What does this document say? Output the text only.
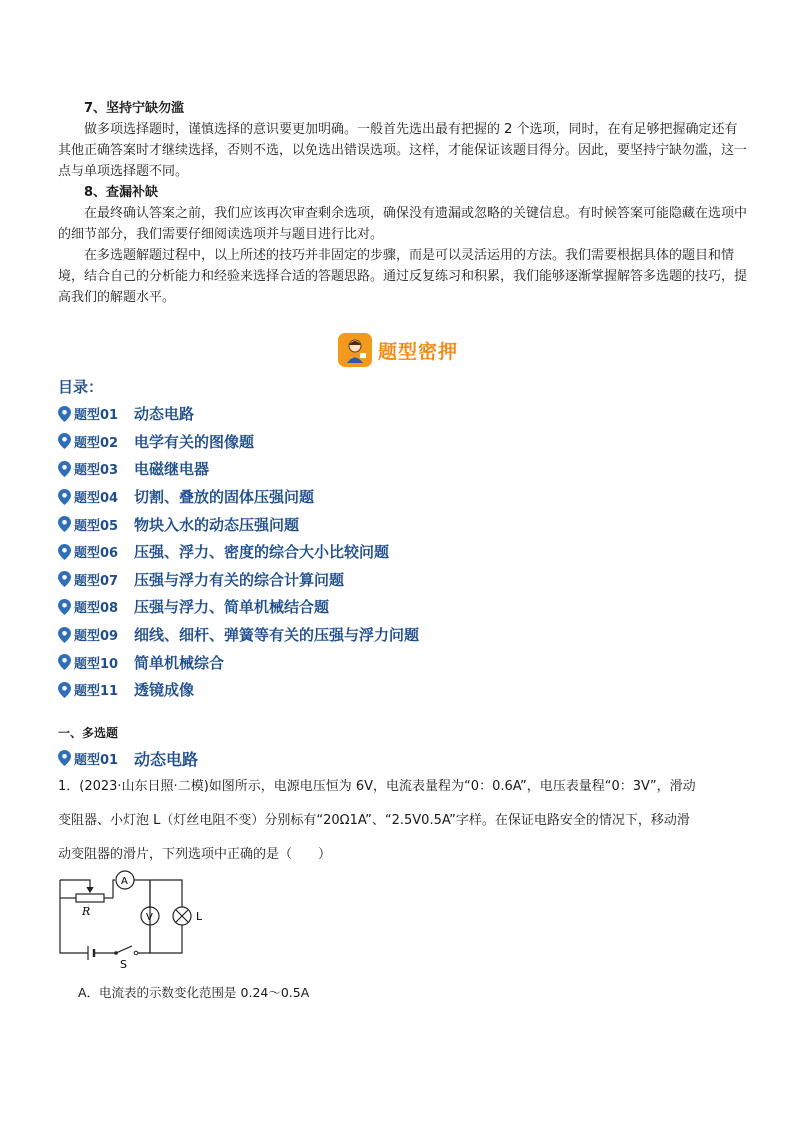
7、坚持宁缺勿滥

做多项选择题时，谨慎选择的意识要更加明确。一般首先选出最有把握的 2 个选项，同时，在有足够把握确定还有其他正确答案时才继续选择，否则不选，以免选出错误选项。这样，才能保证该题目得分。因此，要坚持宁缺勿滥，这一点与单项选择题不同。

8、查漏补缺

在最终确认答案之前，我们应该再次审查剩余选项，确保没有遗漏或忽略的关键信息。有时候答案可能隐藏在选项中的细节部分，我们需要仔细阅读选项并与题目进行比对。

在多选题解题过程中，以上所述的技巧并非固定的步骤，而是可以灵活运用的方法。我们需要根据具体的题目和情境，结合自己的分析能力和经验来选择合适的答题思路。通过反复练习和积累，我们能够逐渐掌握解答多选题的技巧，提高我们的解题水平。

题型密押
目录：
题型01	动态电路
题型02	电学有关的图像题
题型03	电磁继电器
题型04	切割、叠放的固体压强问题
题型05	物块入水的动态压强问题
题型06	压强、浮力、密度的综合大小比较问题
题型07	压强与浮力有关的综合计算问题
题型08	压强与浮力、简单机械结合题
题型09	细线、细杆、弹簧等有关的压强与浮力问题
题型10	简单机械综合
题型11	透镜成像
一、多选题
题型01 动态电路

1．(2023·山东日照·二模)如图所示，电源电压恒为 6V，电流表量程为“0：0.6A”，电压表量程“0：3V”，滑动

变阻器、小灯泡 L（灯丝电阻不变）分别标有“20Ω1A”、“2.5V0.5A”字样。在保证电路安全的情况下，移动滑

动变阻器的滑片，下列选项中正确的是（　　）

R
A
V	L
S
A．电流表的示数变化范围是 0.24～0.5A
